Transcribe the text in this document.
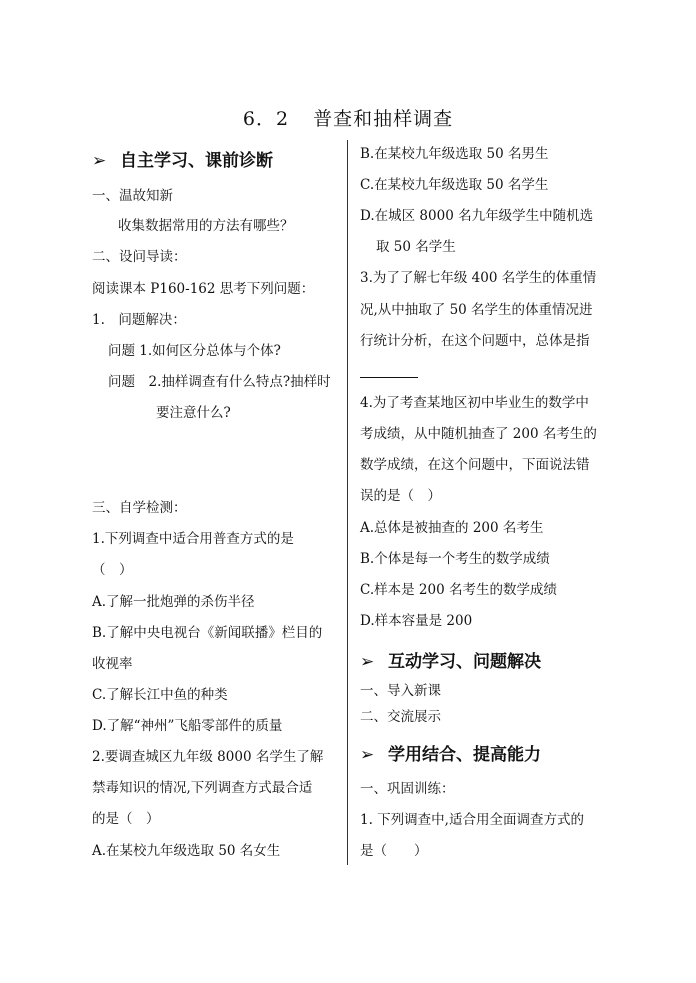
6．2 普查和抽样调查
➢ 自主学习、课前诊断
一、温故知新
收集数据常用的方法有哪些？
二、设问导读：
阅读课本 P160-162 思考下列问题：
1.　问题解决：
问题 1.如何区分总体与个体?
问题　2.抽样调查有什么特点?抽样时
要注意什么?
三、自学检测：
1.下列调查中适合用普查方式的是
（　）
A.了解一批炮弹的杀伤半径
B.了解中央电视台《新闻联播》栏目的
收视率
C.了解长江中鱼的种类
D.了解“神州”飞船零部件的质量
2.要调查城区九年级 8000 名学生了解
禁毒知识的情况,下列调查方式最合适
的是（　）
A.在某校九年级选取 50 名女生
B.在某校九年级选取 50 名男生
C.在某校九年级选取 50 名学生
D.在城区 8000 名九年级学生中随机选
取 50 名学生
3.为了了解七年级 400 名学生的体重情
况,从中抽取了 50 名学生的体重情况进
行统计分析，在这个问题中，总体是指
4.为了考查某地区初中毕业生的数学中
考成绩，从中随机抽查了 200 名考生的
数学成绩，在这个问题中，下面说法错
误的是（　）
A.总体是被抽查的 200 名考生
B.个体是每一个考生的数学成绩
C.样本是 200 名考生的数学成绩
D.样本容量是 200
➢ 互动学习、问题解决
一、导入新课
二、交流展示
➢ 学用结合、提高能力
一、巩固训练：
1. 下列调查中,适合用全面调查方式的
是（　　）
